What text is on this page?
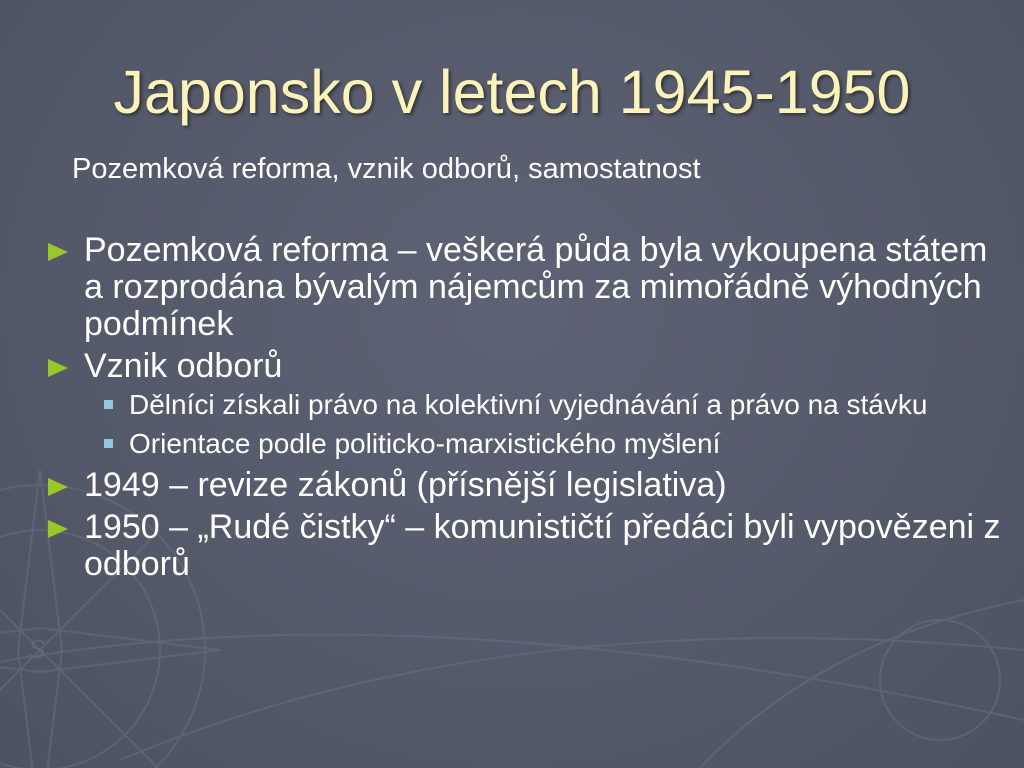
S
Japonsko v letech 1945-1950

Pozemková reforma, vznik odborů, samostatnost

Pozemková reforma – veškerá půda byla vykoupena státem a rozprodána bývalým nájemcům za mimořádně výhodných podmínek
Vznik odborů
Dělníci získali právo na kolektivní vyjednávání a právo na stávku
Orientace podle politicko-marxistického myšlení
1949 – revize zákonů (přísnější legislativa)
1950 – „Rudé čistky“ – komunističtí předáci byli vypovězeni z odborů
